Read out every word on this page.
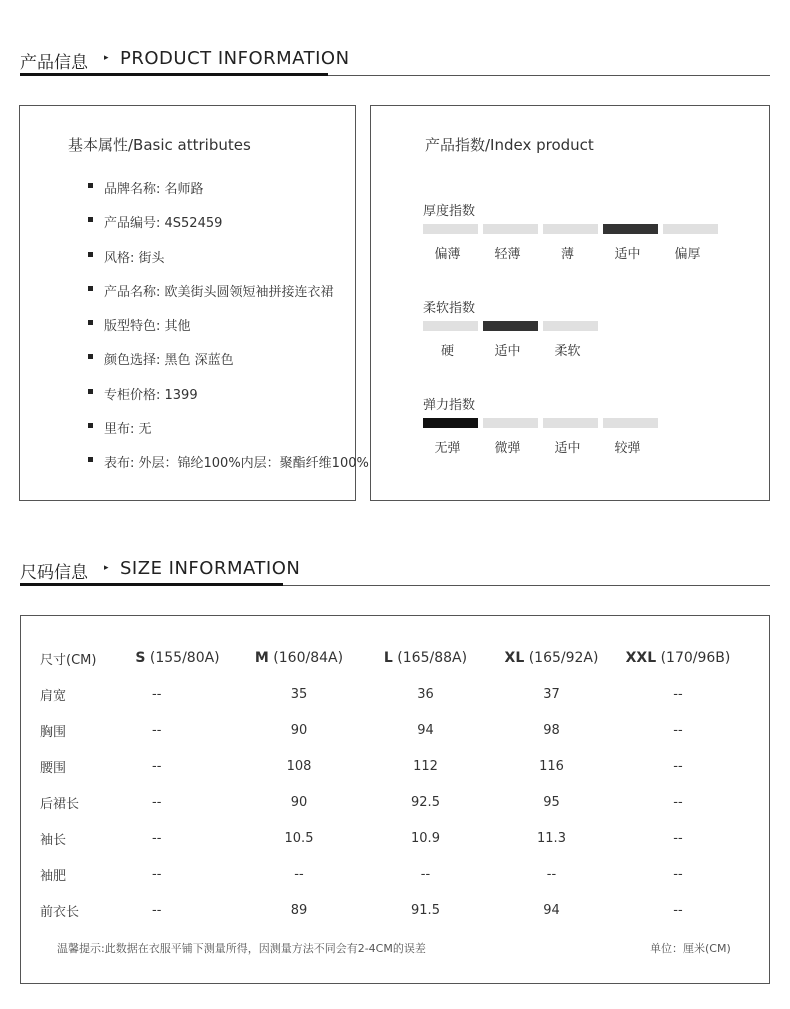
产品信息 ▸ PRODUCT INFORMATION
基本属性/Basic attributes
品牌名称: 名师路
产品编号: 4S52459
风格: 街头
产品名称: 欧美街头圆领短袖拼接连衣裙
版型特色: 其他
颜色选择: 黑色 深蓝色
专柜价格: 1399
里布: 无
表布: 外层：锦纶100%内层：聚酯纤维100%
产品指数/Index product
厚度指数
偏薄	轻薄	薄	适中	偏厚
柔软指数
硬	适中	柔软
弹力指数
无弹	微弹	适中	较弹
尺码信息 ▸ SIZE INFORMATION
尺寸(CM)	S (155/80A)	M (160/84A)	L (165/88A)	XL (165/92A)	XXL (170/96B)
肩宽	--	35	36	37	--
胸围	--	90	94	98	--
腰围	--	108	112	116	--
后裙长	--	90	92.5	95	--
袖长	--	10.5	10.9	11.3	--
袖肥	--	--	--	--	--
前衣长	--	89	91.5	94	--
温馨提示:此数据在衣服平铺下测量所得，因测量方法不同会有2-4CM的误差	单位：厘米(CM)
